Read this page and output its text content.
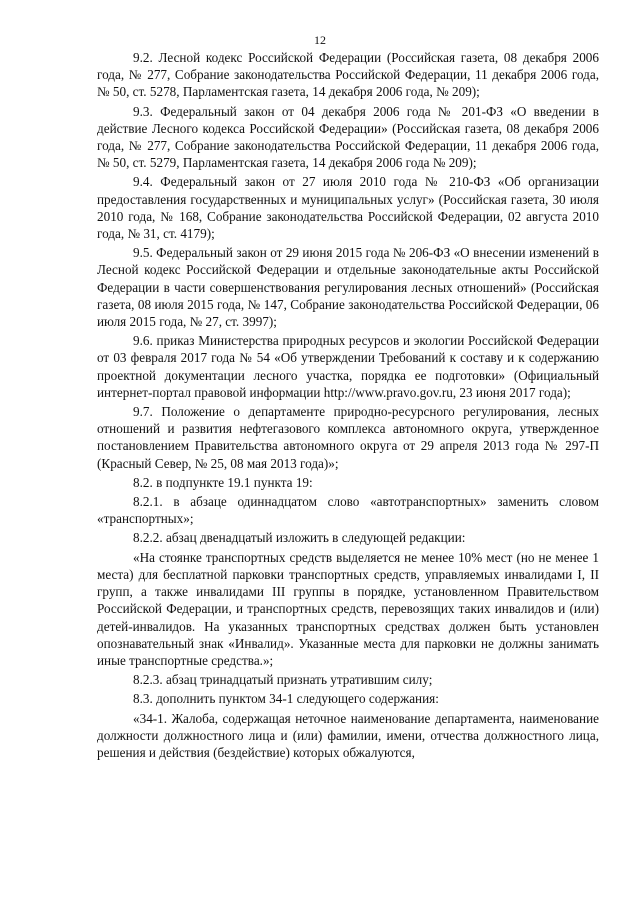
12

9.2. Лесной кодекс Российской Федерации (Российская газета, 08 декабря 2006 года, № 277, Собрание законодательства Российской Федерации, 11 декабря 2006 года, № 50, ст. 5278, Парламентская газета, 14 декабря 2006 года, № 209);

9.3. Федеральный закон от 04 декабря 2006 года № 201-ФЗ «О введении в действие Лесного кодекса Российской Федерации» (Российская газета, 08 декабря 2006 года, № 277, Собрание законодательства Российской Федерации, 11 декабря 2006 года, № 50, ст. 5279, Парламентская газета, 14 декабря 2006 года № 209);

9.4. Федеральный закон от 27 июля 2010 года № 210-ФЗ «Об организации предоставления государственных и муниципальных услуг» (Российская газета, 30 июля 2010 года, № 168, Собрание законодательства Российской Федерации, 02 августа 2010 года, № 31, ст. 4179);

9.5. Федеральный закон от 29 июня 2015 года № 206-ФЗ «О внесении изменений в Лесной кодекс Российской Федерации и отдельные законодательные акты Российской Федерации в части совершенствования регулирования лесных отношений» (Российская газета, 08 июля 2015 года, № 147, Собрание законодательства Российской Федерации, 06 июля 2015 года, № 27, ст. 3997);

9.6. приказ Министерства природных ресурсов и экологии Российской Федерации от 03 февраля 2017 года № 54 «Об утверждении Требований к составу и к содержанию проектной документации лесного участка, порядка ее подготовки» (Официальный интернет-портал правовой информации http://www.pravo.gov.ru, 23 июня 2017 года);

9.7. Положение о департаменте природно-ресурсного регулирования, лесных отношений и развития нефтегазового комплекса автономного округа, утвержденное постановлением Правительства автономного округа от 29 апреля 2013 года № 297-П (Красный Север, № 25, 08 мая 2013 года)»;

8.2. в подпункте 19.1 пункта 19:

8.2.1. в абзаце одиннадцатом слово «автотранспортных» заменить словом «транспортных»;

8.2.2. абзац двенадцатый изложить в следующей редакции:

«На стоянке транспортных средств выделяется не менее 10% мест (но не менее 1 места) для бесплатной парковки транспортных средств, управляемых инвалидами I, II групп, а также инвалидами III группы в порядке, установленном Правительством Российской Федерации, и транспортных средств, перевозящих таких инвалидов и (или) детей-инвалидов. На указанных транспортных средствах должен быть установлен опознавательный знак «Инвалид». Указанные места для парковки не должны занимать иные транспортные средства.»;

8.2.3. абзац тринадцатый признать утратившим силу;

8.3. дополнить пунктом 34-1 следующего содержания:

«34-1. Жалоба, содержащая неточное наименование департамента, наименование должности должностного лица и (или) фамилии, имени, отчества должностного лица, решения и действия (бездействие) которых обжалуются,
